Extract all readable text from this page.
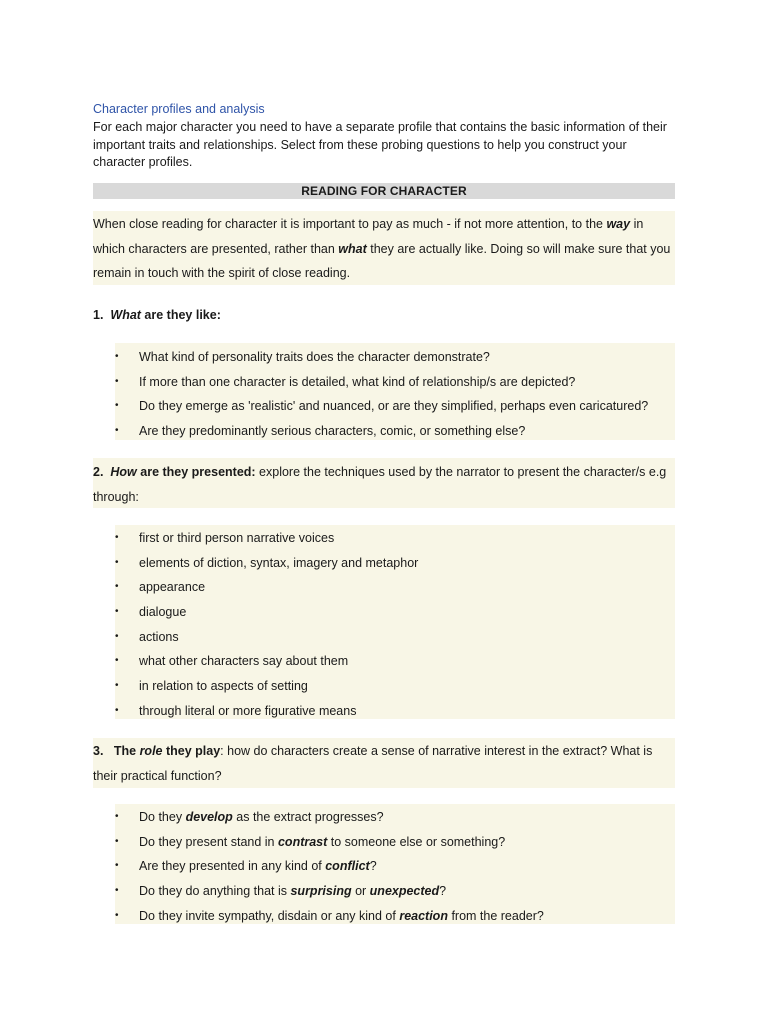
Character profiles and analysis
For each major character you need to have a separate profile that contains the basic information of their important traits and relationships. Select from these probing questions to help you construct your character profiles.
READING FOR CHARACTER
When close reading for character it is important to pay as much - if not more attention, to the way in which characters are presented, rather than what they are actually like. Doing so will make sure that you remain in touch with the spirit of close reading.
1. What are they like:
• What kind of personality traits does the character demonstrate?
• If more than one character is detailed, what kind of relationship/s are depicted?
• Do they emerge as 'realistic' and nuanced, or are they simplified, perhaps even caricatured?
• Are they predominantly serious characters, comic, or something else?
2. How are they presented: explore the techniques used by the narrator to present the character/s e.g through:
• first or third person narrative voices
• elements of diction, syntax, imagery and metaphor
• appearance
• dialogue
• actions
• what other characters say about them
• in relation to aspects of setting
• through literal or more figurative means
3. The role they play: how do characters create a sense of narrative interest in the extract? What is their practical function?
• Do they develop as the extract progresses?
• Do they present stand in contrast to someone else or something?
• Are they presented in any kind of conflict?
• Do they do anything that is surprising or unexpected?
• Do they invite sympathy, disdain or any kind of reaction from the reader?
